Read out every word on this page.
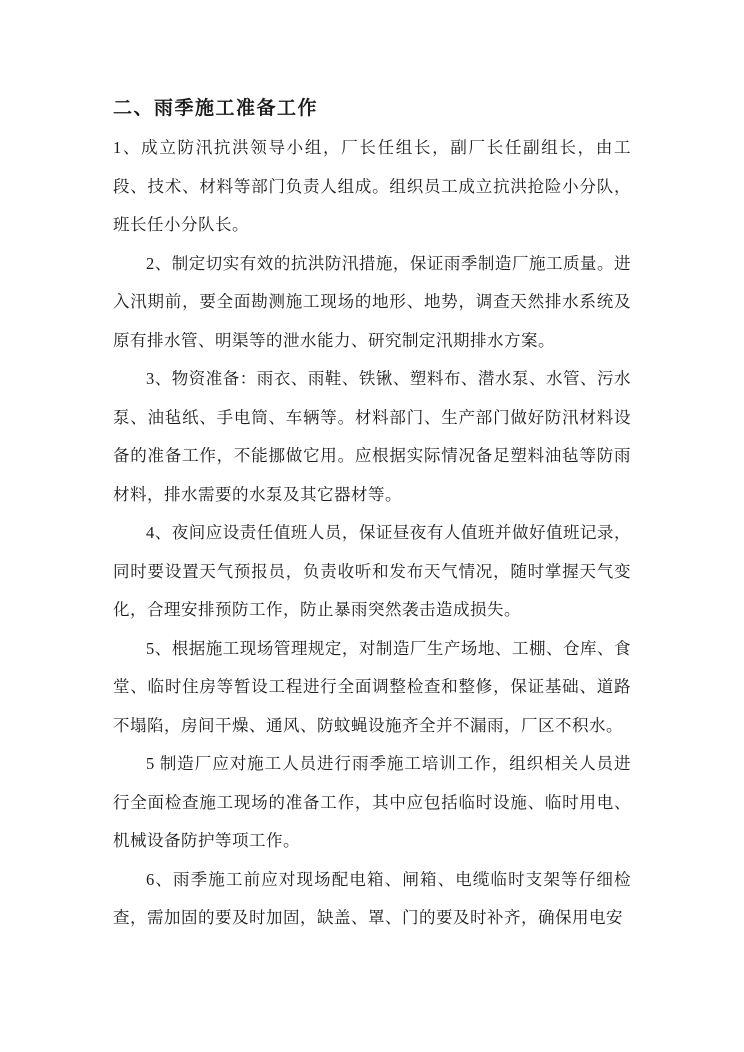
二、雨季施工准备工作

1、成立防汛抗洪领导小组，厂长任组长，副厂长任副组长，由工段、技术、材料等部门负责人组成。组织员工成立抗洪抢险小分队，班长任小分队长。

2、制定切实有效的抗洪防汛措施，保证雨季制造厂施工质量。进入汛期前，要全面勘测施工现场的地形、地势，调查天然排水系统及原有排水管、明渠等的泄水能力、研究制定汛期排水方案。

3、物资准备：雨衣、雨鞋、铁锹、塑料布、潜水泵、水管、污水泵、油毡纸、手电筒、车辆等。材料部门、生产部门做好防汛材料设备的准备工作，不能挪做它用。应根据实际情况备足塑料油毡等防雨材料，排水需要的水泵及其它器材等。

4、夜间应设责任值班人员，保证昼夜有人值班并做好值班记录，同时要设置天气预报员，负责收听和发布天气情况，随时掌握天气变化，合理安排预防工作，防止暴雨突然袭击造成损失。

5、根据施工现场管理规定，对制造厂生产场地、工棚、仓库、食堂、临时住房等暂设工程进行全面调整检查和整修，保证基础、道路不塌陷，房间干燥、通风、防蚊蝇设施齐全并不漏雨，厂区不积水。

5 制造厂应对施工人员进行雨季施工培训工作，组织相关人员进行全面检查施工现场的准备工作，其中应包括临时设施、临时用电、机械设备防护等项工作。

6、雨季施工前应对现场配电箱、闸箱、电缆临时支架等仔细检查，需加固的要及时加固，缺盖、罩、门的要及时补齐，确保用电安
